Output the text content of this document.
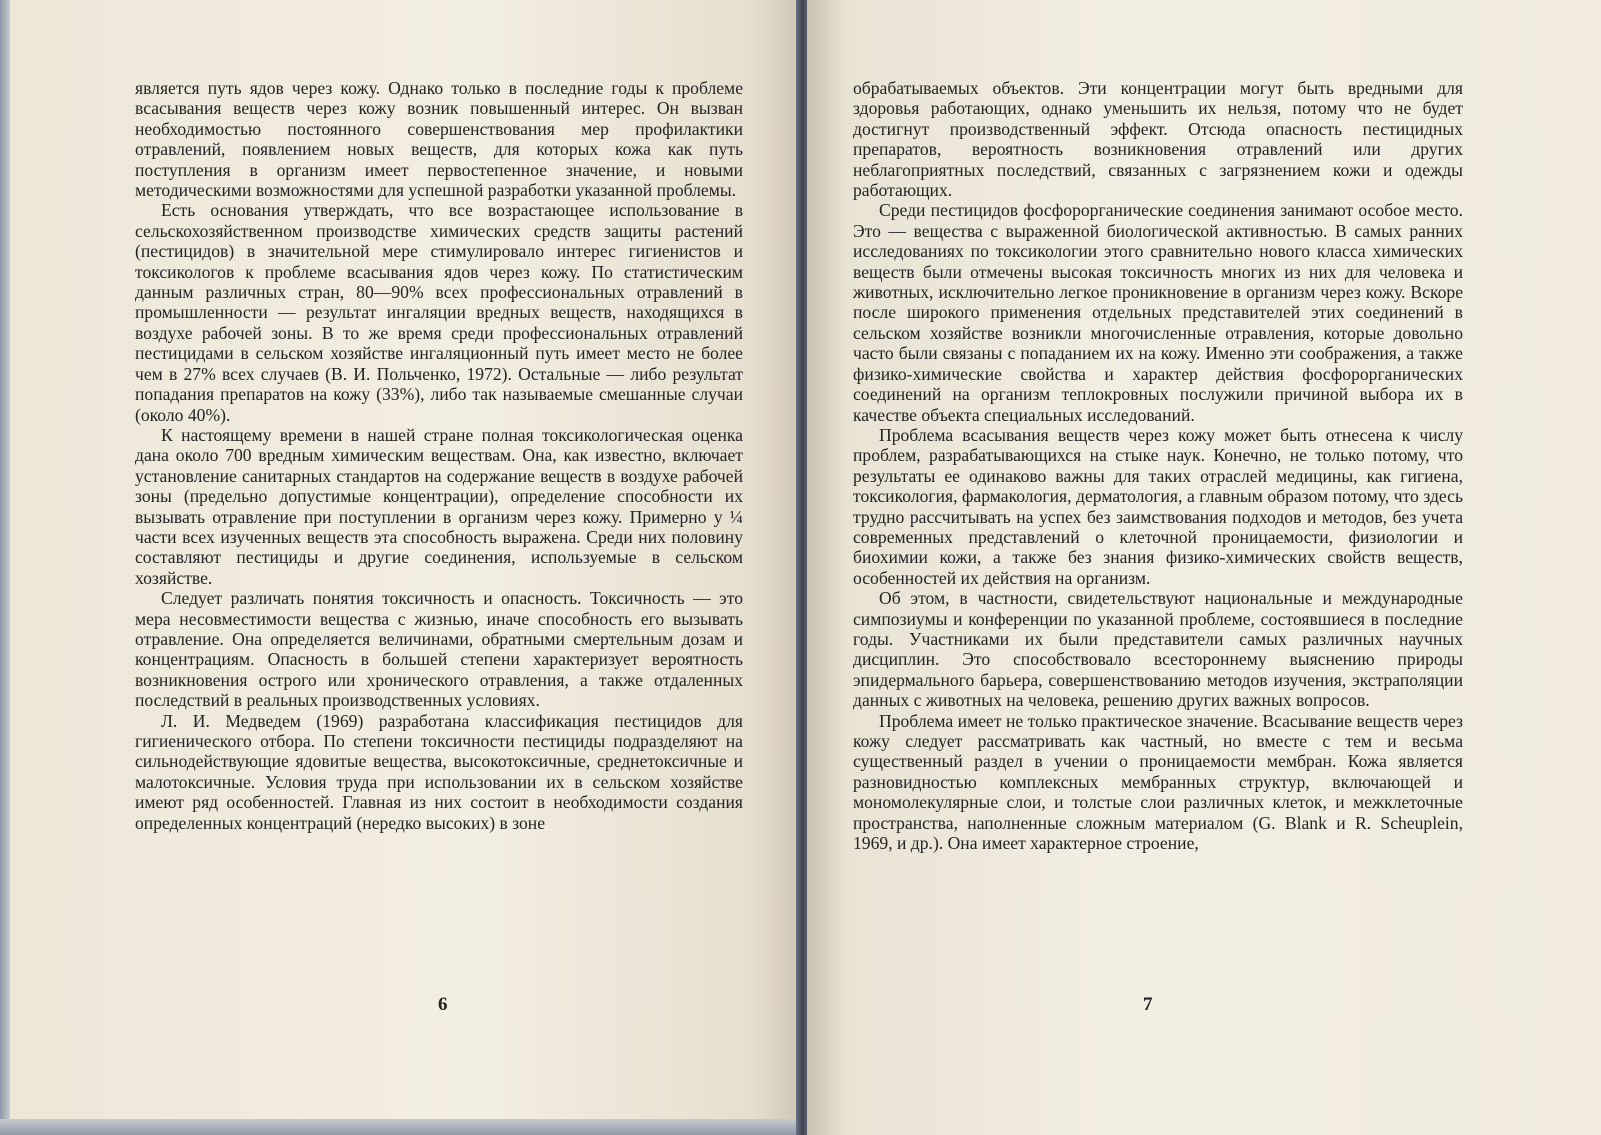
является путь ядов через кожу. Однако только в последние годы к проблеме всасывания веществ через кожу возник повышенный интерес. Он вызван необходимостью постоянного совершенствования мер профилактики отравлений, появлением новых веществ, для которых кожа как путь поступления в организм имеет первостепенное значение, и новыми методическими возможностями для успешной разработки указанной проблемы.

Есть основания утверждать, что все возрастающее использование в сельскохозяйственном производстве химических средств защиты растений (пестицидов) в значительной мере стимулировало интерес гигиенистов и токсикологов к проблеме всасывания ядов через кожу. По статистическим данным различных стран, 80—90% всех профессиональных отравлений в промышленности — результат ингаляции вредных веществ, находящихся в воздухе рабочей зоны. В то же время среди профессиональных отравлений пестицидами в сельском хозяйстве ингаляционный путь имеет место не более чем в 27% всех случаев (В. И. Польченко, 1972). Остальные — либо результат попадания препаратов на кожу (33%), либо так называемые смешанные случаи (около 40%).

К настоящему времени в нашей стране полная токсикологическая оценка дана около 700 вредным химическим веществам. Она, как известно, включает установление санитарных стандартов на содержание веществ в воздухе рабочей зоны (предельно допустимые концентрации), определение способности их вызывать отравление при поступлении в организм через кожу. Примерно у ¼ части всех изученных веществ эта способность выражена. Среди них половину составляют пестициды и другие соединения, используемые в сельском хозяйстве.

Следует различать понятия токсичность и опасность. Токсичность — это мера несовместимости вещества с жизнью, иначе способность его вызывать отравление. Она определяется величинами, обратными смертельным дозам и концентрациям. Опасность в большей степени характеризует вероятность возникновения острого или хронического отравления, а также отдаленных последствий в реальных производственных условиях.

Л. И. Медведем (1969) разработана классификация пестицидов для гигиенического отбора. По степени токсичности пестициды подразделяют на сильнодействующие ядовитые вещества, высокотоксичные, среднетоксичные и малотоксичные. Условия труда при использовании их в сельском хозяйстве имеют ряд особенностей. Главная из них состоит в необходимости создания определенных концентраций (нередко высоких) в зоне

6

обрабатываемых объектов. Эти концентрации могут быть вредными для здоровья работающих, однако уменьшить их нельзя, потому что не будет достигнут производственный эффект. Отсюда опасность пестицидных препаратов, вероятность возникновения отравлений или других неблагоприятных последствий, связанных с загрязнением кожи и одежды работающих.

Среди пестицидов фосфорорганические соединения занимают особое место. Это — вещества с выраженной биологической активностью. В самых ранних исследованиях по токсикологии этого сравнительно нового класса химических веществ были отмечены высокая токсичность многих из них для человека и животных, исключительно легкое проникновение в организм через кожу. Вскоре после широкого применения отдельных представителей этих соединений в сельском хозяйстве возникли многочисленные отравления, которые довольно часто были связаны с попаданием их на кожу. Именно эти соображения, а также физико-химические свойства и характер действия фосфорорганических соединений на организм теплокровных послужили причиной выбора их в качестве объекта специальных исследований.

Проблема всасывания веществ через кожу может быть отнесена к числу проблем, разрабатывающихся на стыке наук. Конечно, не только потому, что результаты ее одинаково важны для таких отраслей медицины, как гигиена, токсикология, фармакология, дерматология, а главным образом потому, что здесь трудно рассчитывать на успех без заимствования подходов и методов, без учета современных представлений о клеточной проницаемости, физиологии и биохимии кожи, а также без знания физико-химических свойств веществ, особенностей их действия на организм.

Об этом, в частности, свидетельствуют национальные и международные симпозиумы и конференции по указанной проблеме, состоявшиеся в последние годы. Участниками их были представители самых различных научных дисциплин. Это способствовало всестороннему выяснению природы эпидермального барьера, совершенствованию методов изучения, экстраполяции данных с животных на человека, решению других важных вопросов.

Проблема имеет не только практическое значение. Всасывание веществ через кожу следует рассматривать как частный, но вместе с тем и весьма существенный раздел в учении о проницаемости мембран. Кожа является разновидностью комплексных мембранных структур, включающей и мономолекулярные слои, и толстые слои различных клеток, и межклеточные пространства, наполненные сложным материалом (G. Blank и R. Scheuplein, 1969, и др.). Она имеет характерное строение,

7
